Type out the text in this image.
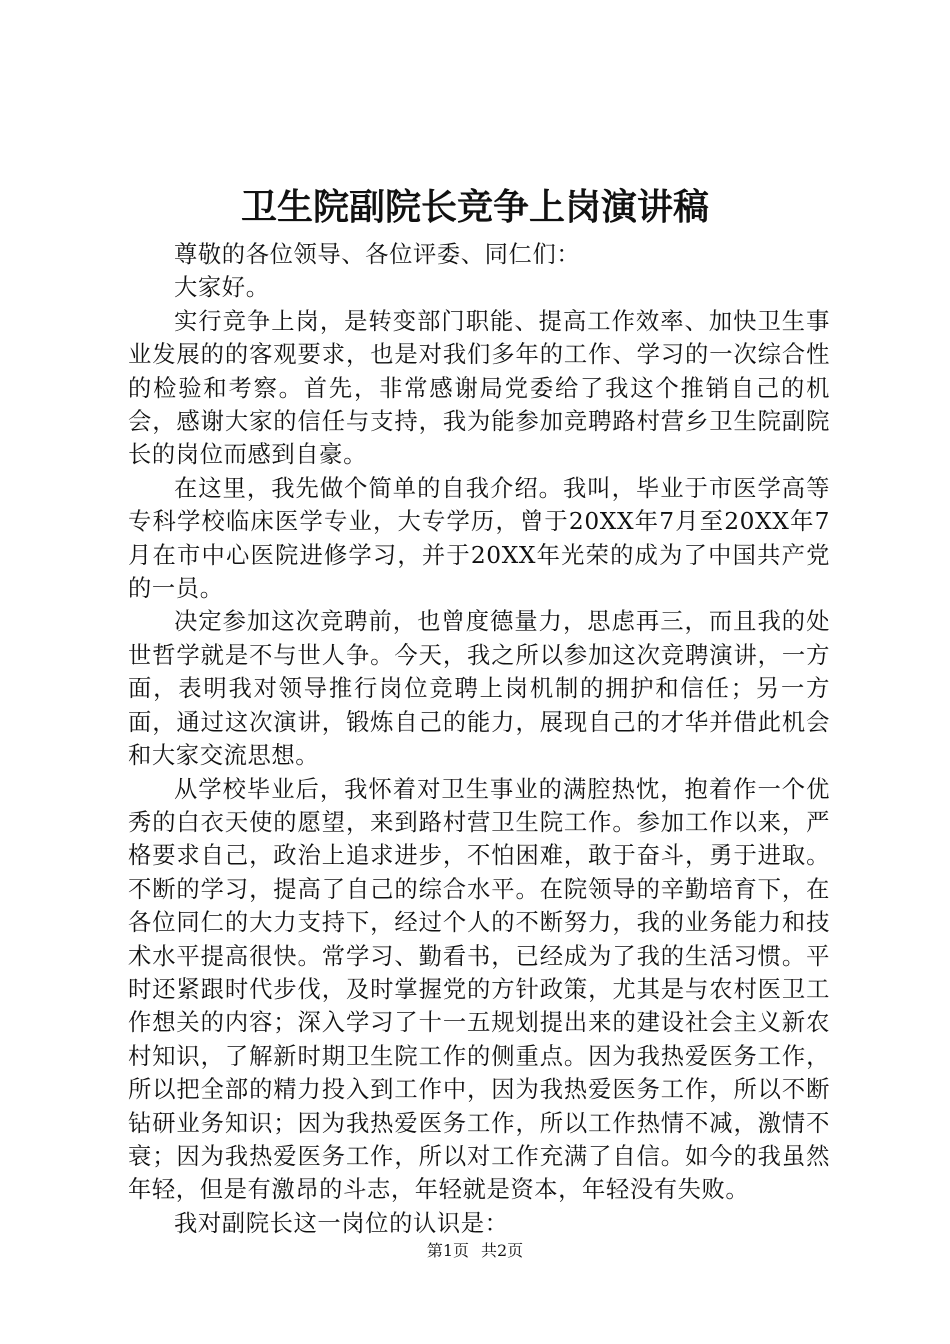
卫生院副院长竞争上岗演讲稿

尊敬的各位领导、各位评委、同仁们：

大家好。

实行竞争上岗，是转变部门职能、提高工作效率、加快卫生事业发展的的客观要求，也是对我们多年的工作、学习的一次综合性的检验和考察。首先，非常感谢局党委给了我这个推销自己的机会，感谢大家的信任与支持，我为能参加竞聘路村营乡卫生院副院长的岗位而感到自豪。

在这里，我先做个简单的自我介绍。我叫，毕业于市医学高等专科学校临床医学专业，大专学历，曾于20XX年7月至20XX年7月在市中心医院进修学习，并于20XX年光荣的成为了中国共产党的一员。

决定参加这次竞聘前，也曾度德量力，思虑再三，而且我的处世哲学就是不与世人争。今天，我之所以参加这次竞聘演讲，一方面，表明我对领导推行岗位竞聘上岗机制的拥护和信任；另一方面，通过这次演讲，锻炼自己的能力，展现自己的才华并借此机会和大家交流思想。

从学校毕业后，我怀着对卫生事业的满腔热忱，抱着作一个优秀的白衣天使的愿望，来到路村营卫生院工作。参加工作以来，严格要求自己，政治上追求进步，不怕困难，敢于奋斗，勇于进取。不断的学习，提高了自己的综合水平。在院领导的辛勤培育下，在各位同仁的大力支持下，经过个人的不断努力，我的业务能力和技术水平提高很快。常学习、勤看书，已经成为了我的生活习惯。平时还紧跟时代步伐，及时掌握党的方针政策，尤其是与农村医卫工作想关的内容；深入学习了十一五规划提出来的建设社会主义新农村知识，了解新时期卫生院工作的侧重点。因为我热爱医务工作，所以把全部的精力投入到工作中，因为我热爱医务工作，所以不断钻研业务知识；因为我热爱医务工作，所以工作热情不减，激情不衰；因为我热爱医务工作，所以对工作充满了自信。如今的我虽然年轻，但是有激昂的斗志，年轻就是资本，年轻没有失败。

我对副院长这一岗位的认识是：

第1页 共2页
